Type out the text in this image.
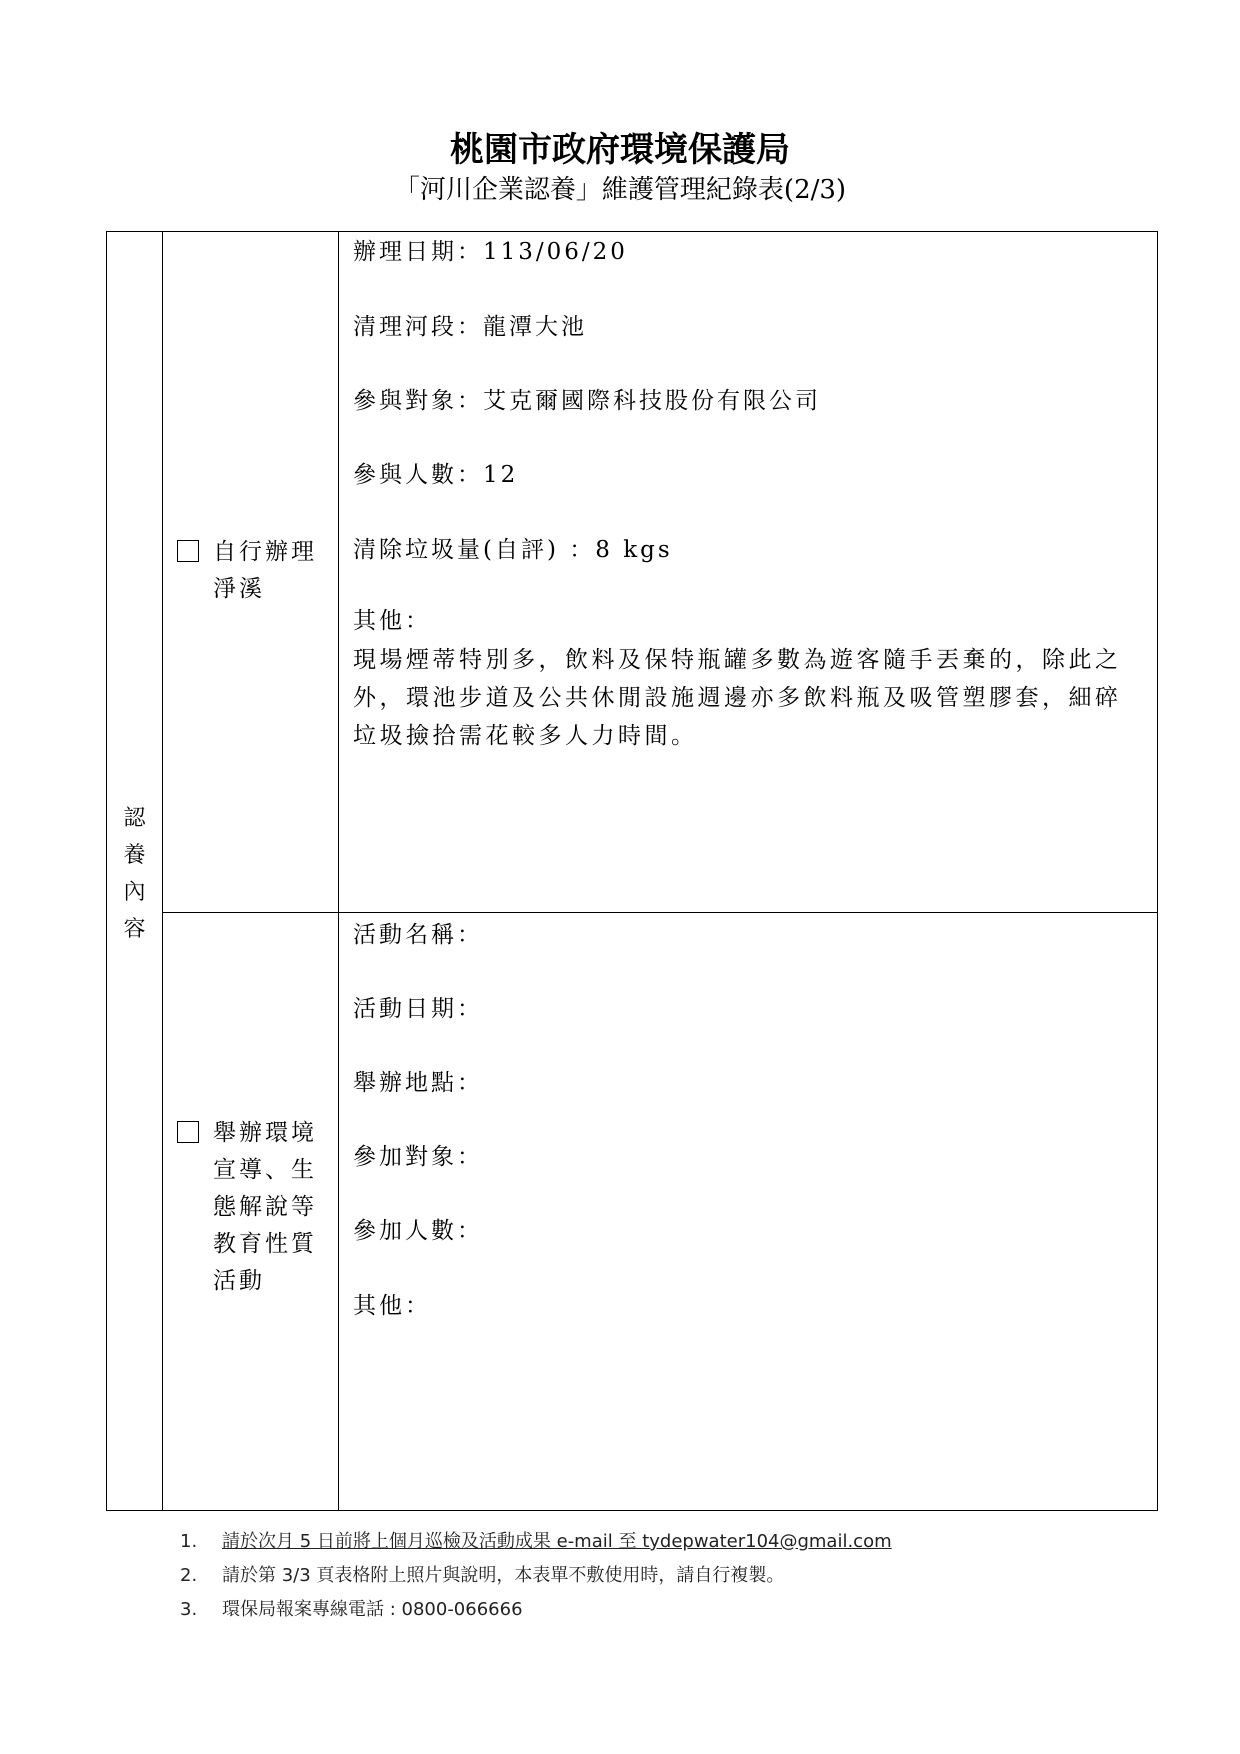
桃園市政府環境保護局
「河川企業認養」維護管理紀錄表(2/3)
認
養
內
容
自行辦理
淨溪
辦理日期：113/06/20
清理河段：龍潭大池
參與對象：艾克爾國際科技股份有限公司
參與人數：12
清除垃圾量(自評) ：8 kgs
其他：
現場煙蒂特別多，飲料及保特瓶罐多數為遊客隨手丟棄的，除此之外，環池步道及公共休閒設施週邊亦多飲料瓶及吸管塑膠套，細碎垃圾撿拾需花較多人力時間。
舉辦環境
宣導、生
態解說等
教育性質
活動
活動名稱：
活動日期：
舉辦地點：
參加對象：
參加人數：
其他：
1. 請於次月 5 日前將上個月巡檢及活動成果 e-mail 至 tydepwater104@gmail.com
2. 請於第 3/3 頁表格附上照片與說明，本表單不敷使用時，請自行複製。
3. 環保局報案專線電話 : 0800-066666
